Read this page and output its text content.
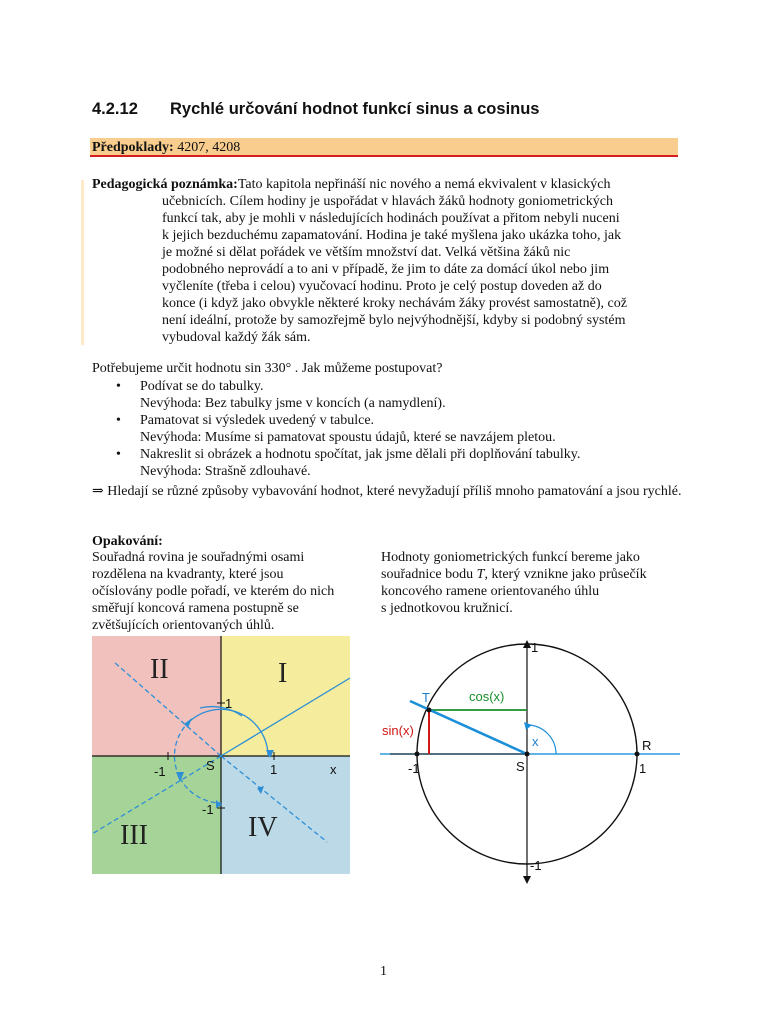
4.2.12 Rychlé určování hodnot funkcí sinus a cosinus
Předpoklady: 4207, 4208
Pedagogická poznámka:Tato kapitola nepřináší nic nového a nemá ekvivalent v klasických
učebnicích. Cílem hodiny je uspořádat v hlavách žáků hodnoty goniometrických
funkcí tak, aby je mohli v následujících hodinách používat a přitom nebyli nuceni
k jejich bezduchému zapamatování. Hodina je také myšlena jako ukázka toho, jak
je možné si dělat pořádek ve větším množství dat. Velká většina žáků nic
podobného neprovádí a to ani v případě, že jim to dáte za domácí úkol nebo jim
vyčleníte (třeba i celou) vyučovací hodinu. Proto je celý postup doveden až do
konce (i když jako obvykle některé kroky nechávám žáky provést samostatně), což
není ideální, protože by samozřejmě bylo nejvýhodnější, kdyby si podobný systém
vybudoval každý žák sám.
Potřebujeme určit hodnotu sin 330° . Jak můžeme postupovat?
• Podívat se do tabulky.
Nevýhoda: Bez tabulky jsme v koncích (a namydlení).
• Pamatovat si výsledek uvedený v tabulce.
Nevýhoda: Musíme si pamatovat spoustu údajů, které se navzájem pletou.
• Nakreslit si obrázek a hodnotu spočítat, jak jsme dělali při doplňování tabulky.
Nevýhoda: Strašně zdlouhavé.
⇒ Hledají se různé způsoby vybavování hodnot, které nevyžadují příliš mnoho pamatování a jsou rychlé.
Opakování:
Souřadná rovina je souřadnými osami
rozdělena na kvadranty, které jsou
očíslovány podle pořadí, ve kterém do nich
směřují koncová ramena postupně se
zvětšujících orientovaných úhlů.
Hodnoty goniometrických funkcí bereme jako
souřadnice bodu T, který vznikne jako průsečík
koncového ramene orientovaného úhlu
s jednotkovou kružnicí.
II	I
III	IV
1
1
-1
-1
S	x
1
-1
-1	1
S
R
T	cos(x)
sin(x)
x
1
